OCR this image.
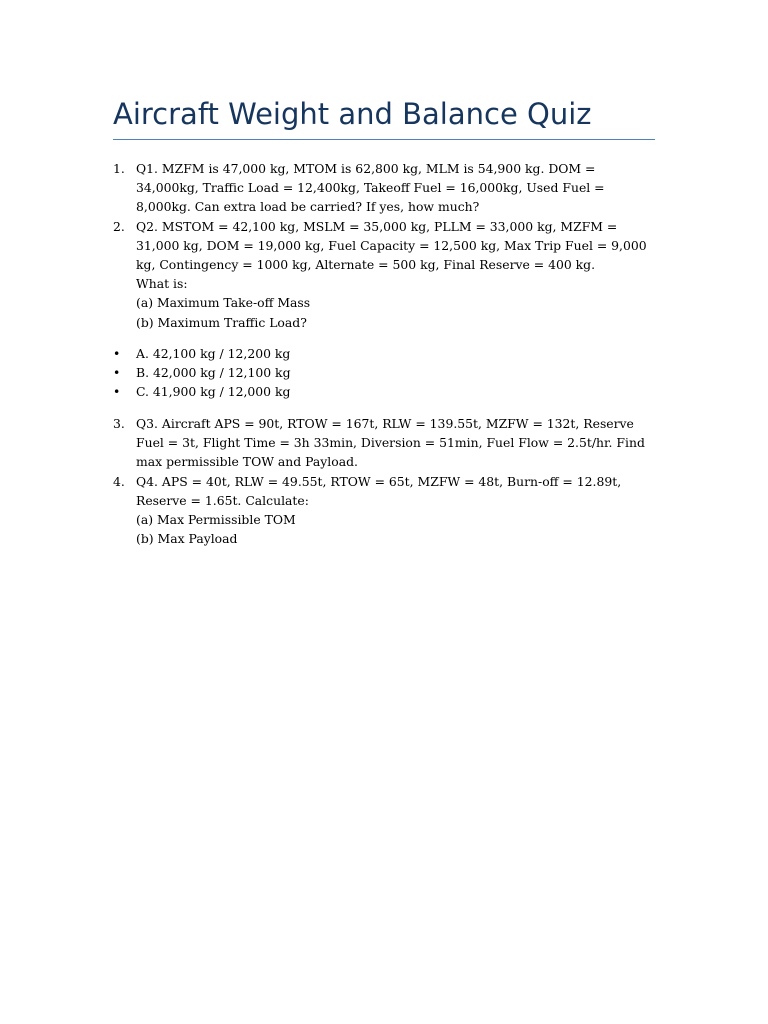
Aircraft Weight and Balance Quiz
1. Q1. MZFM is 47,000 kg, MTOM is 62,800 kg, MLM is 54,900 kg. DOM = 34,000kg, Traffic Load = 12,400kg, Takeoff Fuel = 16,000kg, Used Fuel = 8,000kg. Can extra load be carried? If yes, how much?
2. Q2. MSTOM = 42,100 kg, MSLM = 35,000 kg, PLLM = 33,000 kg, MZFM = 31,000 kg, DOM = 19,000 kg, Fuel Capacity = 12,500 kg, Max Trip Fuel = 9,000 kg, Contingency = 1000 kg, Alternate = 500 kg, Final Reserve = 400 kg.
What is:
(a) Maximum Take-off Mass
(b) Maximum Traffic Load?
• A. 42,100 kg / 12,200 kg
• B. 42,000 kg / 12,100 kg
• C. 41,900 kg / 12,000 kg
3. Q3. Aircraft APS = 90t, RTOW = 167t, RLW = 139.55t, MZFW = 132t, Reserve Fuel = 3t, Flight Time = 3h 33min, Diversion = 51min, Fuel Flow = 2.5t/hr. Find max permissible TOW and Payload.
4. Q4. APS = 40t, RLW = 49.55t, RTOW = 65t, MZFW = 48t, Burn-off = 12.89t, Reserve = 1.65t. Calculate:
(a) Max Permissible TOM
(b) Max Payload
